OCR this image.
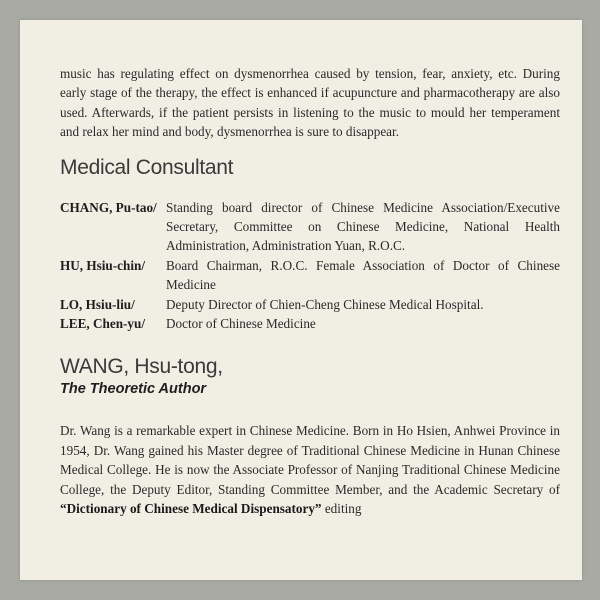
music has regulating effect on dysmenorrhea caused by tension, fear, anxiety, etc. During early stage of the therapy, the effect is enhanced if acupuncture and pharmacotherapy are also used. Afterwards, if the patient persists in listening to the music to mould her temperament and relax her mind and body, dysmenorrhea is sure to disappear.

Medical Consultant
CHANG, Pu-tao/ Standing board director of Chinese Medicine Association/Executive Secretary, Committee on Chinese Medicine, National Health Administration, Administration Yuan, R.O.C.
HU, Hsiu-chin/	Board Chairman, R.O.C. Female Association of Doctor of Chinese Medicine
LO, Hsiu-liu/	Deputy Director of Chien-Cheng Chinese Medical Hospital.
LEE, Chen-yu/	Doctor of Chinese Medicine
WANG, Hsu-tong,
The Theoretic Author

Dr. Wang is a remarkable expert in Chinese Medicine. Born in Ho Hsien, Anhwei Province in 1954, Dr. Wang gained his Master degree of Traditional Chinese Medicine in Hunan Chinese Medical College. He is now the Associate Professor of Nanjing Traditional Chinese Medicine College, the Deputy Editor, Standing Committee Member, and the Academic Secretary of “Dictionary of Chinese Medical Dispensatory” editing
